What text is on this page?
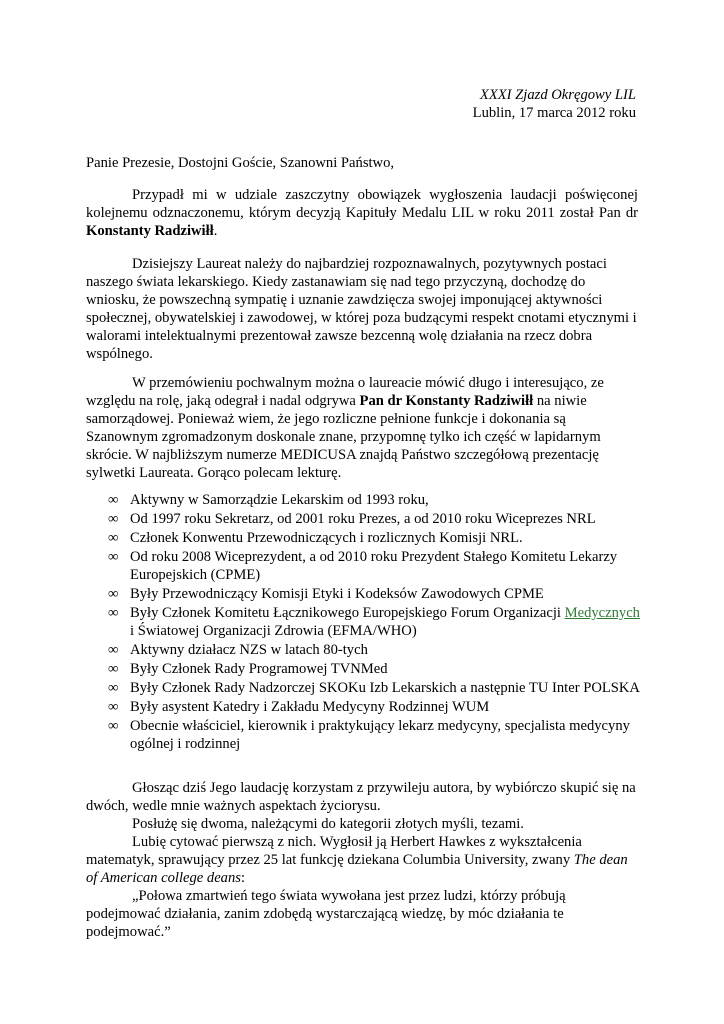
XXXI Zjazd Okręgowy LIL
Lublin, 17 marca 2012 roku
Panie Prezesie, Dostojni Goście, Szanowni Państwo,

Przypadł mi w udziale zaszczytny obowiązek wygłoszenia laudacji poświęconej kolejnemu odznaczonemu, którym decyzją Kapituły Medalu LIL w roku 2011 został Pan dr Konstanty Radziwiłł.

Dzisiejszy Laureat należy do najbardziej rozpoznawalnych, pozytywnych postaci naszego świata lekarskiego. Kiedy zastanawiam się nad tego przyczyną, dochodzę do wniosku, że powszechną sympatię i uznanie zawdzięcza swojej imponującej aktywności społecznej, obywatelskiej i zawodowej, w której poza budzącymi respekt cnotami etycznymi i walorami intelektualnymi prezentował zawsze bezcenną wolę działania na rzecz dobra wspólnego.

W przemówieniu pochwalnym można o laureacie mówić długo i interesująco, ze względu na rolę, jaką odegrał i nadal odgrywa Pan dr Konstanty Radziwiłł na niwie samorządowej. Ponieważ wiem, że jego rozliczne pełnione funkcje i dokonania są Szanownym zgromadzonym doskonale znane, przypomnę tylko ich część w lapidarnym skrócie. W najbliższym numerze MEDICUSA znajdą Państwo szczegółową prezentację sylwetki Laureata. Gorąco polecam lekturę.

∞ Aktywny w Samorządzie Lekarskim od 1993 roku,
∞ Od 1997 roku Sekretarz, od 2001 roku Prezes, a od 2010 roku Wiceprezes NRL
∞ Członek Konwentu Przewodniczących i rozlicznych Komisji NRL.
∞ Od roku 2008 Wiceprezydent, a od 2010 roku Prezydent Stałego Komitetu Lekarzy Europejskich (CPME)
∞ Były Przewodniczący Komisji Etyki i Kodeksów Zawodowych CPME
∞ Były Członek Komitetu Łącznikowego Europejskiego Forum Organizacji Medycznych i Światowej Organizacji Zdrowia (EFMA/WHO)
∞ Aktywny działacz NZS w latach 80-tych
∞ Były Członek Rady Programowej TVNMed
∞ Były Członek Rady Nadzorczej SKOKu Izb Lekarskich a następnie TU Inter POLSKA
∞ Były asystent Katedry i Zakładu Medycyny Rodzinnej WUM
∞ Obecnie właściciel, kierownik i praktykujący lekarz medycyny, specjalista medycyny ogólnej i rodzinnej

Głosząc dziś Jego laudację korzystam z przywileju autora, by wybiórczo skupić się na dwóch, wedle mnie ważnych aspektach życiorysu.

Posłużę się dwoma, należącymi do kategorii złotych myśli, tezami.

Lubię cytować pierwszą z nich. Wygłosił ją Herbert Hawkes z wykształcenia matematyk, sprawujący przez 25 lat funkcję dziekana Columbia University, zwany The dean of American college deans:

„Połowa zmartwień tego świata wywołana jest przez ludzi, którzy próbują podejmować działania, zanim zdobędą wystarczającą wiedzę, by móc działania te podejmować.”
